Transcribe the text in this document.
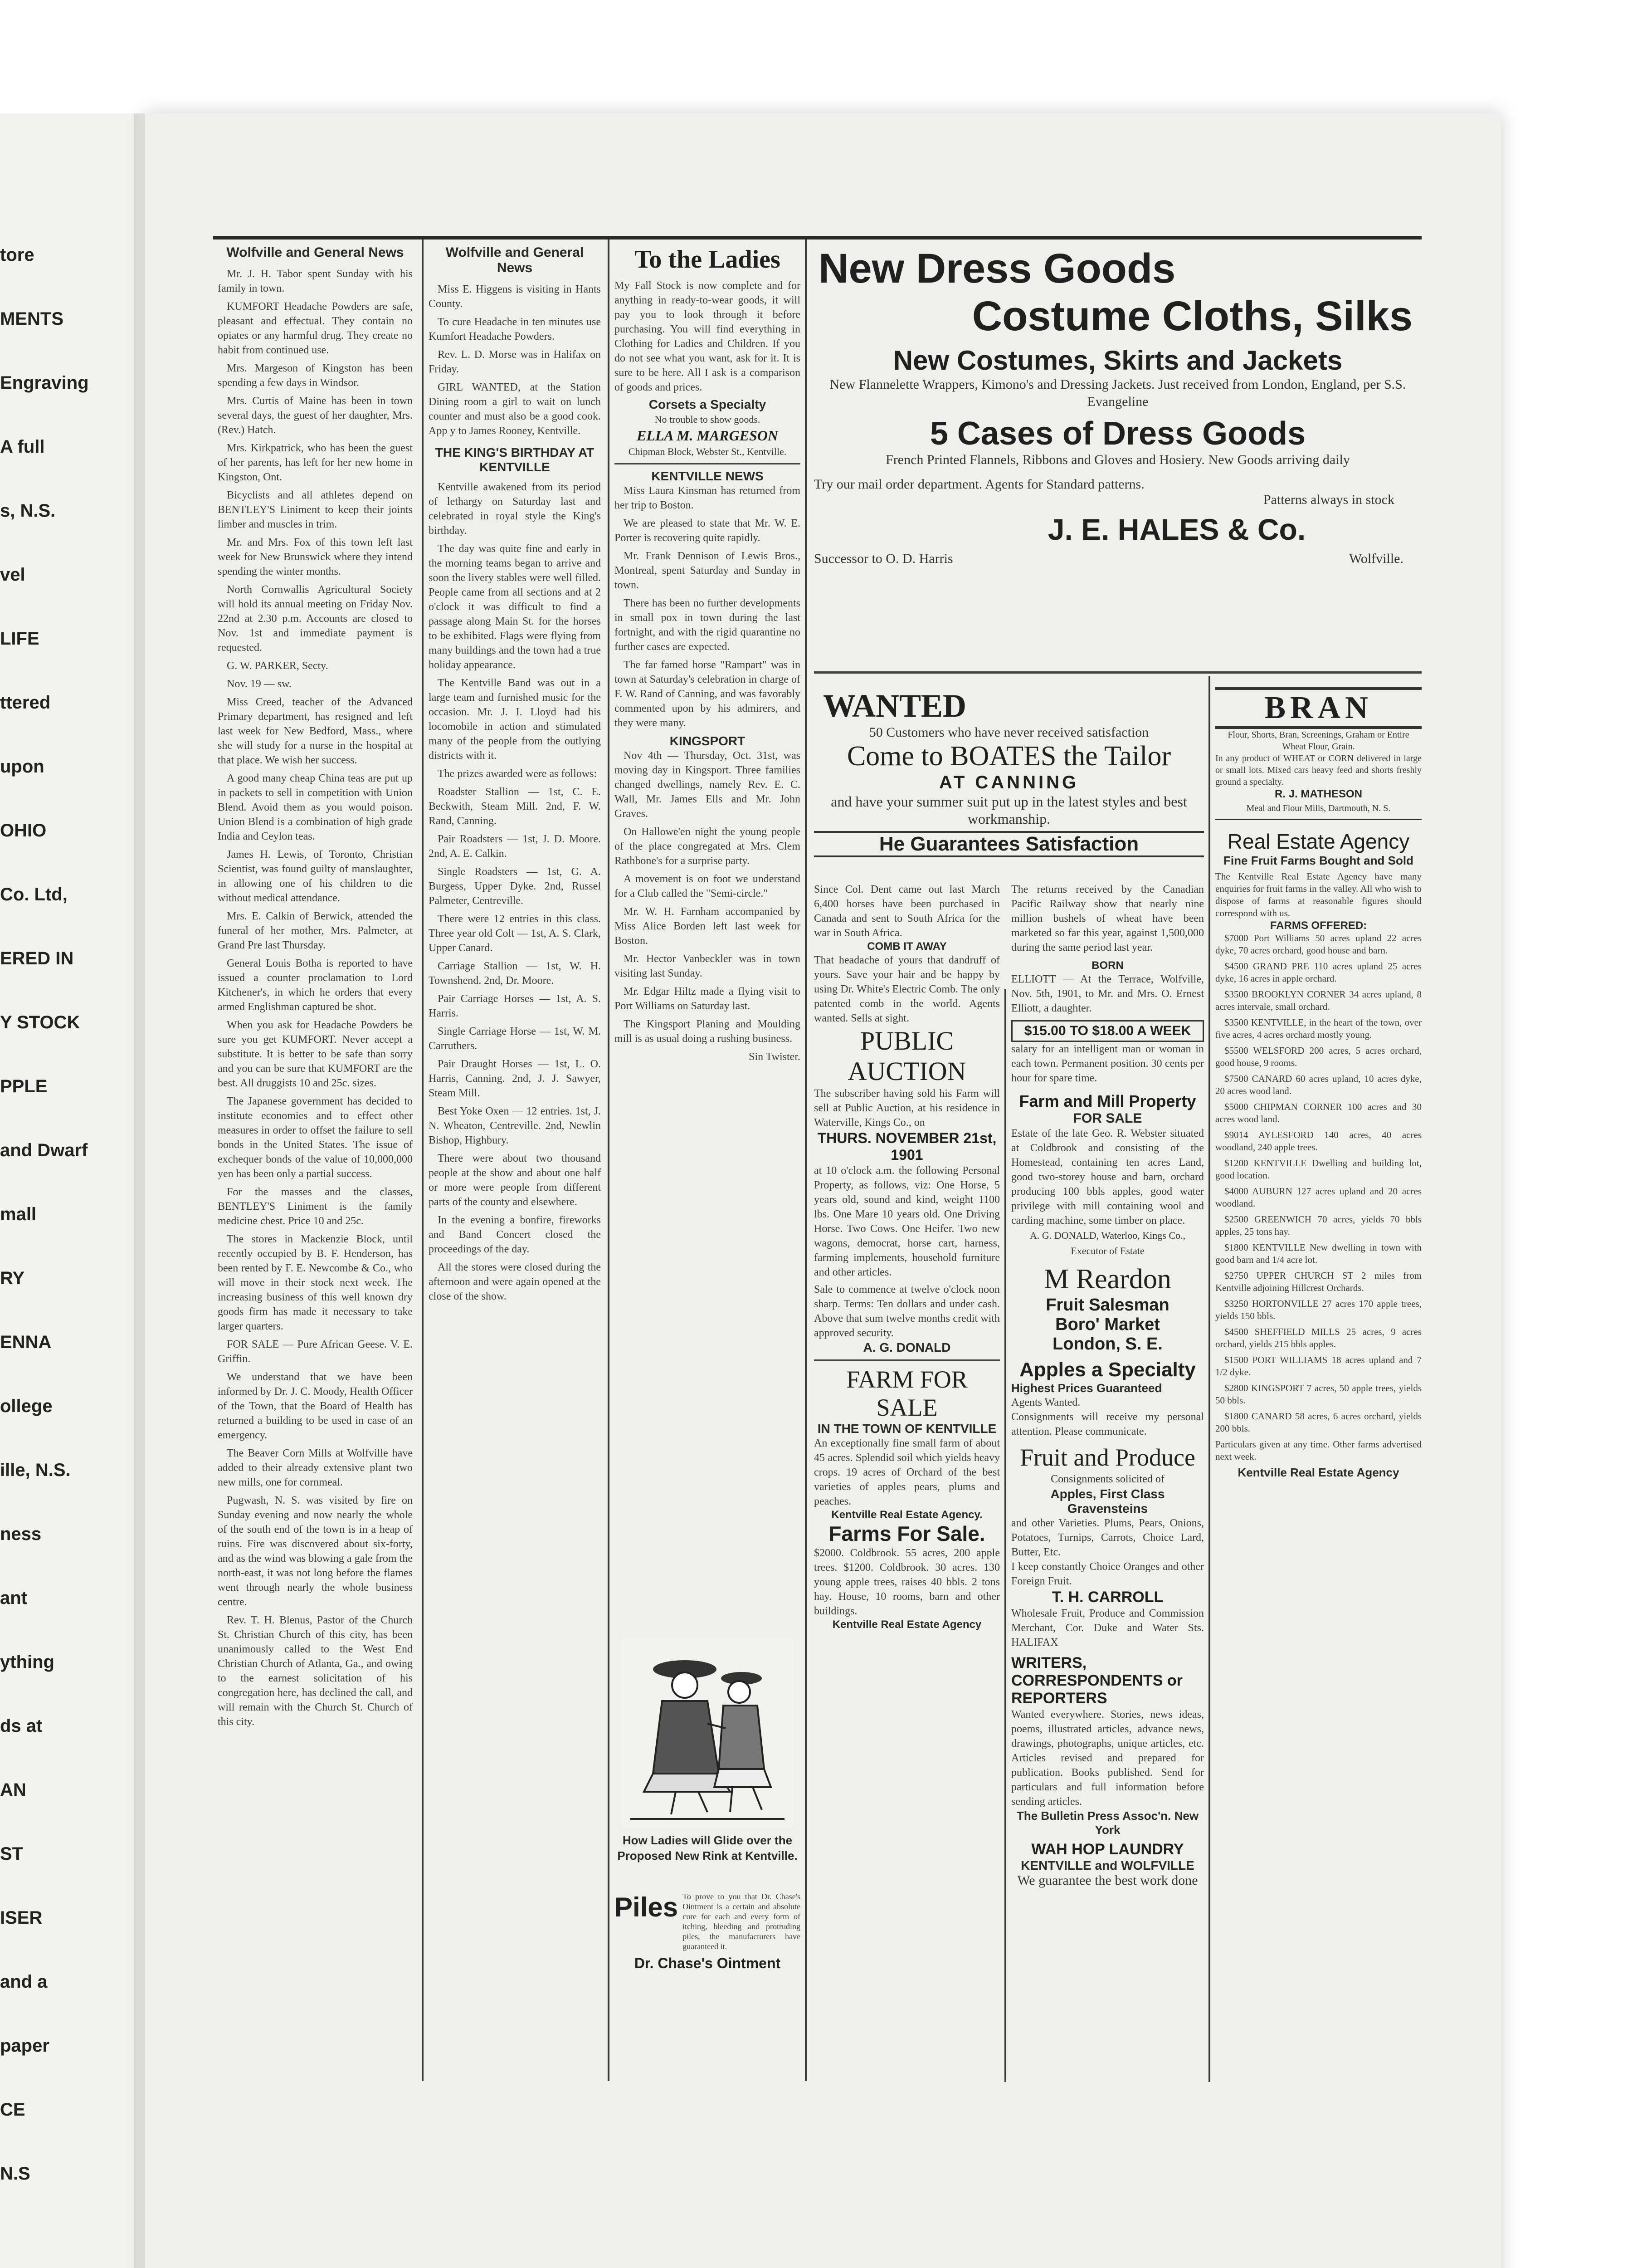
tore
MENTS
Engraving
A full
s, N.S.
vel
LIFE
ttered
upon
OHIO
Co. Ltd,
ERED IN
Y STOCK
PPLE
and Dwarf
mall
RY
ENNA
ollege
ille, N.S.
ness
ant
ything
ds at
AN
ST
ISER
and a
paper
CE
N.S
Wolfville and General News

Mr. J. H. Tabor spent Sunday with his family in town.

KUMFORT Headache Powders are safe, pleasant and effectual. They contain no opiates or any harmful drug. They create no habit from continued use.

Mrs. Margeson of Kingston has been spending a few days in Windsor.

Mrs. Curtis of Maine has been in town several days, the guest of her daughter, Mrs. (Rev.) Hatch.

Mrs. Kirkpatrick, who has been the guest of her parents, has left for her new home in Kingston, Ont.

Bicyclists and all athletes depend on BENTLEY'S Liniment to keep their joints limber and muscles in trim.

Mr. and Mrs. Fox of this town left last week for New Brunswick where they intend spending the winter months.

North Cornwallis Agricultural Society will hold its annual meeting on Friday Nov. 22nd at 2.30 p.m. Accounts are closed to Nov. 1st and immediate payment is requested.

G. W. PARKER, Secty.

Nov. 19 — sw.

Miss Creed, teacher of the Advanced Primary department, has resigned and left last week for New Bedford, Mass., where she will study for a nurse in the hospital at that place. We wish her success.

A good many cheap China teas are put up in packets to sell in competition with Union Blend. Avoid them as you would poison. Union Blend is a combination of high grade India and Ceylon teas.

James H. Lewis, of Toronto, Christian Scientist, was found guilty of manslaughter, in allowing one of his children to die without medical attendance.

Mrs. E. Calkin of Berwick, attended the funeral of her mother, Mrs. Palmeter, at Grand Pre last Thursday.

General Louis Botha is reported to have issued a counter proclamation to Lord Kitchener's, in which he orders that every armed Englishman captured be shot.

When you ask for Headache Powders be sure you get KUMFORT. Never accept a substitute. It is better to be safe than sorry and you can be sure that KUMFORT are the best. All druggists 10 and 25c. sizes.

The Japanese government has decided to institute economies and to effect other measures in order to offset the failure to sell bonds in the United States. The issue of exchequer bonds of the value of 10,000,000 yen has been only a partial success.

For the masses and the classes, BENTLEY'S Liniment is the family medicine chest. Price 10 and 25c.

The stores in Mackenzie Block, until recently occupied by B. F. Henderson, has been rented by F. E. Newcombe & Co., who will move in their stock next week. The increasing business of this well known dry goods firm has made it necessary to take larger quarters.

FOR SALE — Pure African Geese. V. E. Griffin.

We understand that we have been informed by Dr. J. C. Moody, Health Officer of the Town, that the Board of Health has returned a building to be used in case of an emergency.

The Beaver Corn Mills at Wolfville have added to their already extensive plant two new mills, one for cornmeal.

Pugwash, N. S. was visited by fire on Sunday evening and now nearly the whole of the south end of the town is in a heap of ruins. Fire was discovered about six-forty, and as the wind was blowing a gale from the north-east, it was not long before the flames went through nearly the whole business centre.

Rev. T. H. Blenus, Pastor of the Church St. Christian Church of this city, has been unanimously called to the West End Christian Church of Atlanta, Ga., and owing to the earnest solicitation of his congregation here, has declined the call, and will remain with the Church St. Church of this city.

Wolfville and General News

Miss E. Higgens is visiting in Hants County.

To cure Headache in ten minutes use Kumfort Headache Powders.

Rev. L. D. Morse was in Halifax on Friday.

GIRL WANTED, at the Station Dining room a girl to wait on lunch counter and must also be a good cook. App y to James Rooney, Kentville.

THE KING'S BIRTHDAY AT KENTVILLE

Kentville awakened from its period of lethargy on Saturday last and celebrated in royal style the King's birthday.

The day was quite fine and early in the morning teams began to arrive and soon the livery stables were well filled. People came from all sections and at 2 o'clock it was difficult to find a passage along Main St. for the horses to be exhibited. Flags were flying from many buildings and the town had a true holiday appearance.

The Kentville Band was out in a large team and furnished music for the occasion. Mr. J. I. Lloyd had his locomobile in action and stimulated many of the people from the outlying districts with it.

The prizes awarded were as follows:

Roadster Stallion — 1st, C. E. Beckwith, Steam Mill. 2nd, F. W. Rand, Canning.

Pair Roadsters — 1st, J. D. Moore. 2nd, A. E. Calkin.

Single Roadsters — 1st, G. A. Burgess, Upper Dyke. 2nd, Russel Palmeter, Centreville.

There were 12 entries in this class. Three year old Colt — 1st, A. S. Clark, Upper Canard.

Carriage Stallion — 1st, W. H. Townshend. 2nd, Dr. Moore.

Pair Carriage Horses — 1st, A. S. Harris.

Single Carriage Horse — 1st, W. M. Carruthers.

Pair Draught Horses — 1st, L. O. Harris, Canning. 2nd, J. J. Sawyer, Steam Mill.

Best Yoke Oxen — 12 entries. 1st, J. N. Wheaton, Centreville. 2nd, Newlin Bishop, Highbury.

There were about two thousand people at the show and about one half or more were people from different parts of the county and elsewhere.

In the evening a bonfire, fireworks and Band Concert closed the proceedings of the day.

All the stores were closed during the afternoon and were again opened at the close of the show.

To the Ladies
My Fall Stock is now complete and for anything in ready-to-wear goods, it will pay you to look through it before purchasing. You will find everything in Clothing for Ladies and Children. If you do not see what you want, ask for it. It is sure to be here. All I ask is a comparison of goods and prices.
Corsets a Specialty
No trouble to show goods.
ELLA M. MARGESON
Chipman Block, Webster St., Kentville.
KENTVILLE NEWS

Miss Laura Kinsman has returned from her trip to Boston.

We are pleased to state that Mr. W. E. Porter is recovering quite rapidly.

Mr. Frank Dennison of Lewis Bros., Montreal, spent Saturday and Sunday in town.

There has been no further developments in small pox in town during the last fortnight, and with the rigid quarantine no further cases are expected.

The far famed horse "Rampart" was in town at Saturday's celebration in charge of F. W. Rand of Canning, and was favorably commented upon by his admirers, and they were many.

KINGSPORT

Nov 4th — Thursday, Oct. 31st, was moving day in Kingsport. Three families changed dwellings, namely Rev. E. C. Wall, Mr. James Ells and Mr. John Graves.

On Hallowe'en night the young people of the place congregated at Mrs. Clem Rathbone's for a surprise party.

A movement is on foot we understand for a Club called the "Semi-circle."

Mr. W. H. Farnham accompanied by Miss Alice Borden left last week for Boston.

Mr. Hector Vanbeckler was in town visiting last Sunday.

Mr. Edgar Hiltz made a flying visit to Port Williams on Saturday last.

The Kingsport Planing and Moulding mill is as usual doing a rushing business.

Sin Twister.
How Ladies will Glide over the Proposed New Rink at Kentville.
Piles To prove to you that Dr. Chase's Ointment is a certain and absolute cure for each and every form of itching, bleeding and protruding piles, the manufacturers have guaranteed it.
Dr. Chase's Ointment
New Dress Goods
Costume Cloths, Silks
New Costumes, Skirts and Jackets
New Flannelette Wrappers, Kimono's and Dressing Jackets. Just received from London, England, per S.S. Evangeline
5 Cases of Dress Goods
French Printed Flannels, Ribbons and Gloves and Hosiery. New Goods arriving daily
Try our mail order department. Agents for Standard patterns.
Patterns always in stock
J. E. HALES & Co.
Successor to O. D. Harris	Wolfville.
WANTED
50 Customers who have never received satisfaction
Come to BOATES the Tailor
AT CANNING
and have your summer suit put up in the latest styles and best workmanship.
He Guarantees Satisfaction
Since Col. Dent came out last March 6,400 horses have been purchased in Canada and sent to South Africa for the war in South Africa.
COMB IT AWAY
That headache of yours that dandruff of yours. Save your hair and be happy by using Dr. White's Electric Comb. The only patented comb in the world. Agents wanted. Sells at sight.
PUBLIC AUCTION
The subscriber having sold his Farm will sell at Public Auction, at his residence in Waterville, Kings Co., on
THURS. NOVEMBER 21st, 1901
at 10 o'clock a.m. the following Personal Property, as follows, viz: One Horse, 5 years old, sound and kind, weight 1100 lbs. One Mare 10 years old. One Driving Horse. Two Cows. One Heifer. Two new wagons, democrat, horse cart, harness, farming implements, household furniture and other articles.
Sale to commence at twelve o'clock noon sharp. Terms: Ten dollars and under cash. Above that sum twelve months credit with approved security.
A. G. DONALD
FARM FOR SALE
IN THE TOWN OF KENTVILLE
An exceptionally fine small farm of about 45 acres. Splendid soil which yields heavy crops. 19 acres of Orchard of the best varieties of apples pears, plums and peaches.
Kentville Real Estate Agency.
Farms For Sale.
$2000. Coldbrook. 55 acres, 200 apple trees. $1200. Coldbrook. 30 acres. 130 young apple trees, raises 40 bbls. 2 tons hay. House, 10 rooms, barn and other buildings.
Kentville Real Estate Agency
The returns received by the Canadian Pacific Railway show that nearly nine million bushels of wheat have been marketed so far this year, against 1,500,000 during the same period last year.
BORN
ELLIOTT — At the Terrace, Wolfville, Nov. 5th, 1901, to Mr. and Mrs. O. Ernest Elliott, a daughter.
$15.00 TO $18.00 A WEEK
salary for an intelligent man or woman in each town. Permanent position. 30 cents per hour for spare time.
Farm and Mill Property
FOR SALE
Estate of the late Geo. R. Webster situated at Coldbrook and consisting of the Homestead, containing ten acres Land, good two-storey house and barn, orchard producing 100 bbls apples, good water privilege with mill containing wool and carding machine, some timber on place.
A. G. DONALD, Waterloo, Kings Co., Executor of Estate
M Reardon
Fruit Salesman
Boro' Market
London, S. E.
Apples a Specialty
Highest Prices Guaranteed
Agents Wanted.
Consignments will receive my personal attention. Please communicate.
Fruit and Produce
Consignments solicited of
Apples, First Class Gravensteins
and other Varieties. Plums, Pears, Onions, Potatoes, Turnips, Carrots, Choice Lard, Butter, Etc.
I keep constantly Choice Oranges and other Foreign Fruit.
T. H. CARROLL
Wholesale Fruit, Produce and Commission Merchant, Cor. Duke and Water Sts. HALIFAX
WRITERS, CORRESPONDENTS or REPORTERS
Wanted everywhere. Stories, news ideas, poems, illustrated articles, advance news, drawings, photographs, unique articles, etc. Articles revised and prepared for publication. Books published. Send for particulars and full information before sending articles.
The Bulletin Press Assoc'n. New York
WAH HOP LAUNDRY
KENTVILLE and WOLFVILLE
We guarantee the best work done
BRAN
Flour, Shorts, Bran, Screenings, Graham or Entire Wheat Flour, Grain.
In any product of WHEAT or CORN delivered in large or small lots. Mixed cars heavy feed and shorts freshly ground a specialty.
R. J. MATHESON
Meal and Flour Mills, Dartmouth, N. S.
Real Estate Agency
Fine Fruit Farms Bought and Sold
The Kentville Real Estate Agency have many enquiries for fruit farms in the valley. All who wish to dispose of farms at reasonable figures should correspond with us.
FARMS OFFERED:

$7000 Port Williams 50 acres upland 22 acres dyke, 70 acres orchard, good house and barn.

$4500 GRAND PRE 110 acres upland 25 acres dyke, 16 acres in apple orchard.

$3500 BROOKLYN CORNER 34 acres upland, 8 acres intervale, small orchard.

$3500 KENTVILLE, in the heart of the town, over five acres, 4 acres orchard mostly young.

$5500 WELSFORD 200 acres, 5 acres orchard, good house, 9 rooms.

$7500 CANARD 60 acres upland, 10 acres dyke, 20 acres wood land.

$5000 CHIPMAN CORNER 100 acres and 30 acres wood land.

$9014 AYLESFORD 140 acres, 40 acres woodland, 240 apple trees.

$1200 KENTVILLE Dwelling and building lot, good location.

$4000 AUBURN 127 acres upland and 20 acres woodland.

$2500 GREENWICH 70 acres, yields 70 bbls apples, 25 tons hay.

$1800 KENTVILLE New dwelling in town with good barn and 1/4 acre lot.

$2750 UPPER CHURCH ST 2 miles from Kentville adjoining Hillcrest Orchards.

$3250 HORTONVILLE 27 acres 170 apple trees, yields 150 bbls.

$4500 SHEFFIELD MILLS 25 acres, 9 acres orchard, yields 215 bbls apples.

$1500 PORT WILLIAMS 18 acres upland and 7 1/2 dyke.

$2800 KINGSPORT 7 acres, 50 apple trees, yields 50 bbls.

$1800 CANARD 58 acres, 6 acres orchard, yields 200 bbls.

Particulars given at any time. Other farms advertised next week.
Kentville Real Estate Agency
